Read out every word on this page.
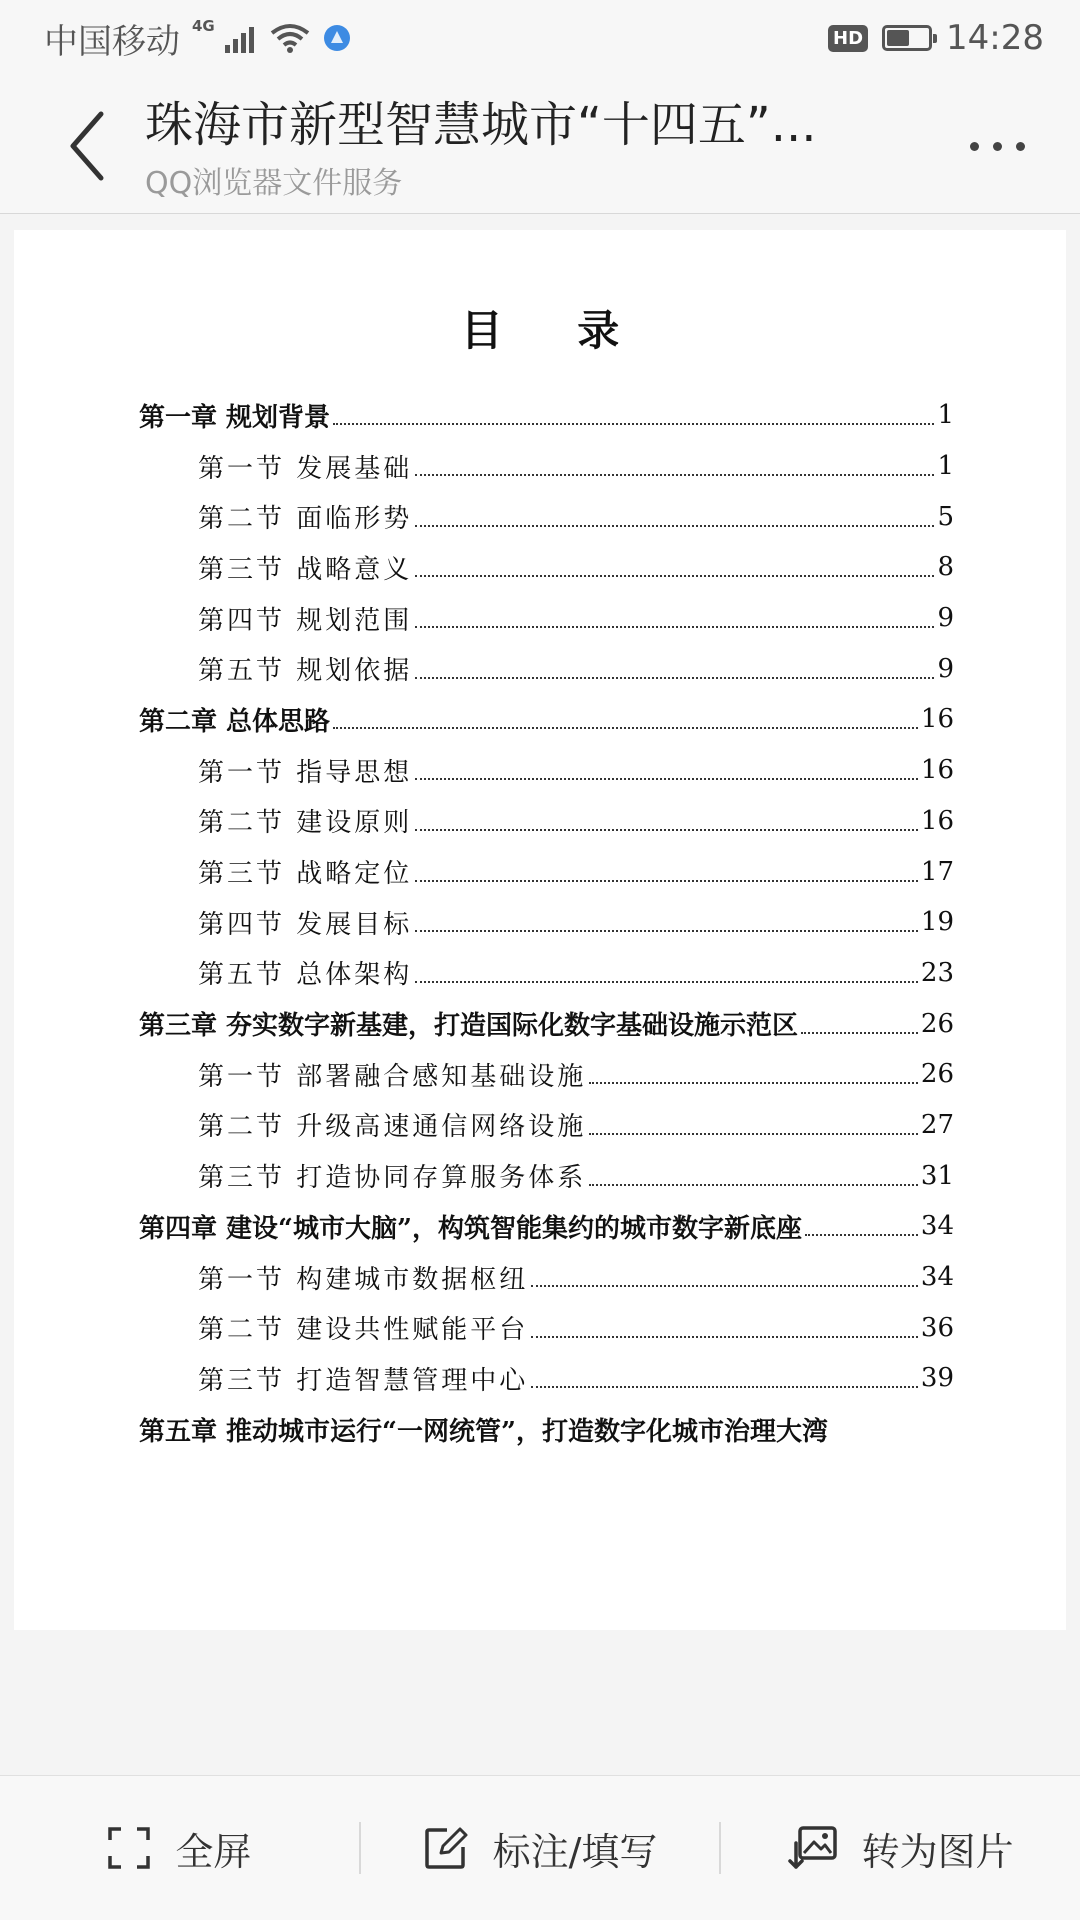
中国移动 4G
HD 14:28
珠海市新型智慧城市“十四五”...
QQ浏览器文件服务
目 录
第一章 规划背景	1
第一节 发展基础	1
第二节 面临形势	5
第三节 战略意义	8
第四节 规划范围	9
第五节 规划依据	9
第二章 总体思路	16
第一节 指导思想	16
第二节 建设原则	16
第三节 战略定位	17
第四节 发展目标	19
第五节 总体架构	23
第三章 夯实数字新基建，打造国际化数字基础设施示范区	26
第一节 部署融合感知基础设施	26
第二节 升级高速通信网络设施	27
第三节 打造协同存算服务体系	31
第四章 建设“城市大脑”，构筑智能集约的城市数字新底座	34
第一节 构建城市数据枢纽	34
第二节 建设共性赋能平台	36
第三节 打造智慧管理中心	39
第五章 推动城市运行“一网统管”，打造数字化城市治理大湾
全屏	标注/填写	转为图片
